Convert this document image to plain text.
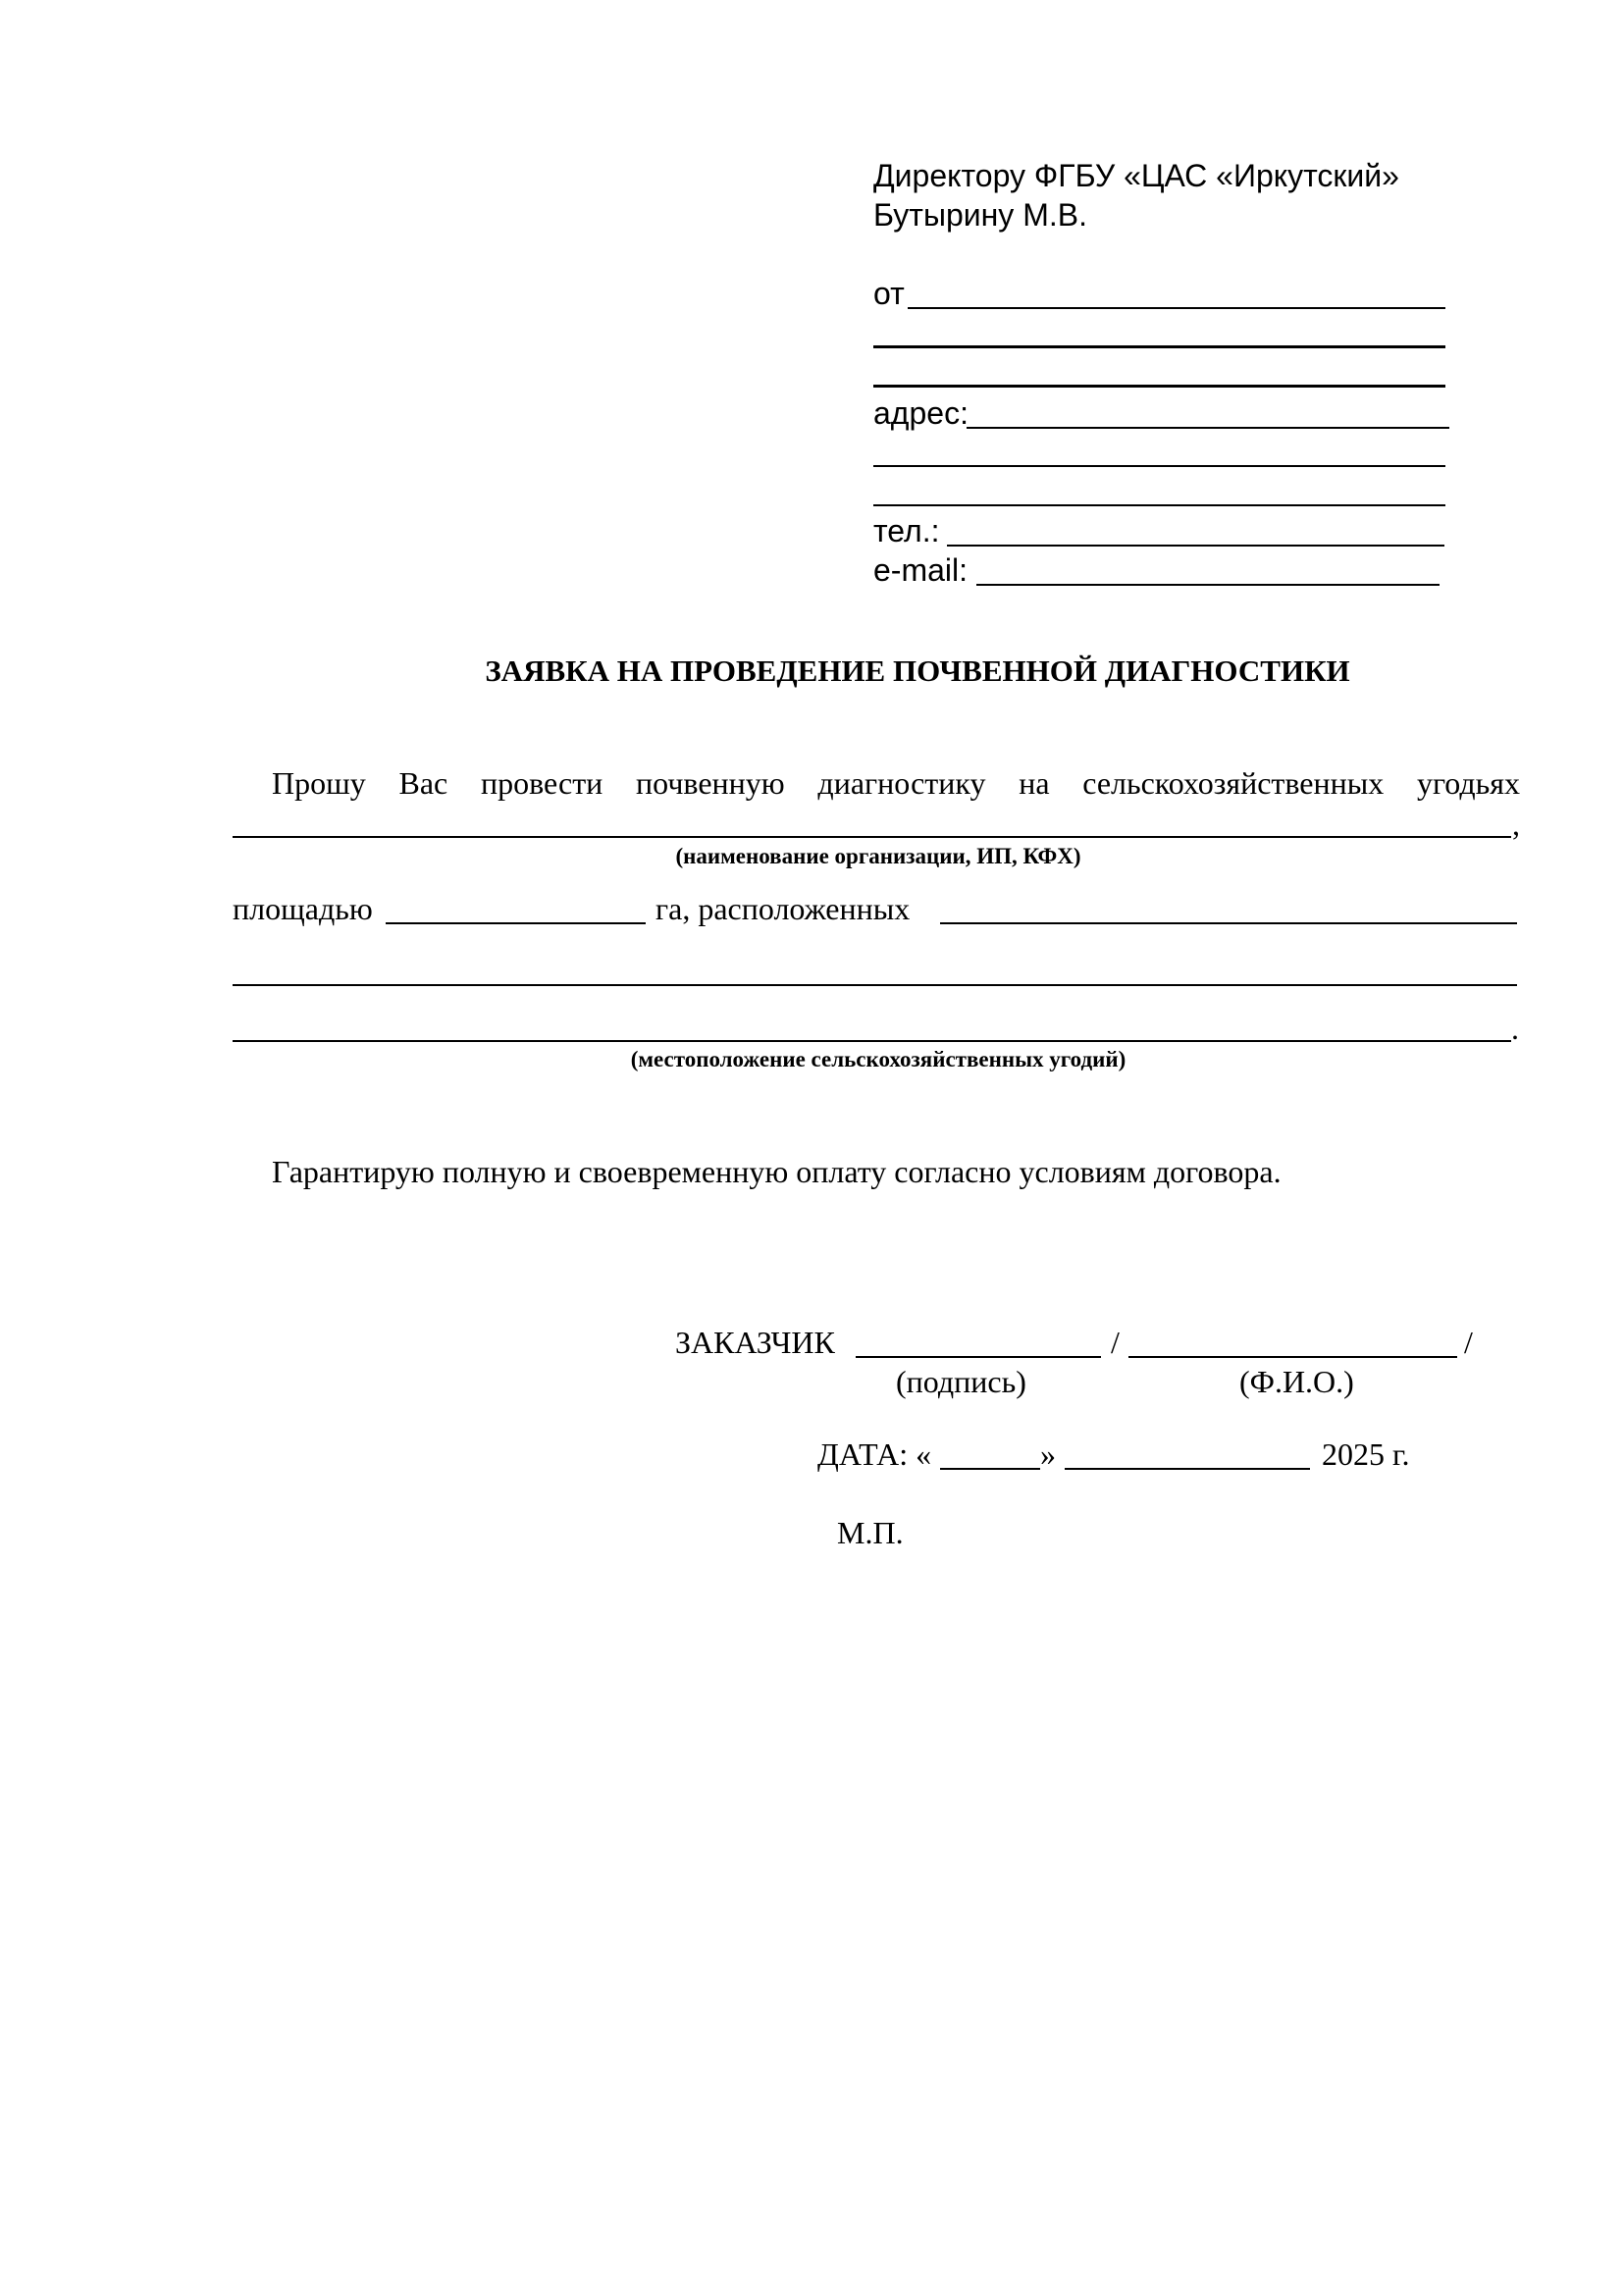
Директору ФГБУ «ЦАС «Иркутский»
Бутырину М.В.
от
адрес:
тел.:
e-mail:
ЗАЯВКА НА ПРОВЕДЕНИЕ ПОЧВЕННОЙ ДИАГНОСТИКИ
Прошу Вас провести почвенную диагностику на сельскохозяйственных угодьях
,
(наименование организации, ИП, КФХ)
площадью	га, расположенных
.
(местоположение сельскохозяйственных угодий)
Гарантирую полную и своевременную оплату согласно условиям договора.
ЗАКАЗЧИК	/	/
(подпись)	(Ф.И.О.)
ДАТА: «	»	2025 г.
М.П.
